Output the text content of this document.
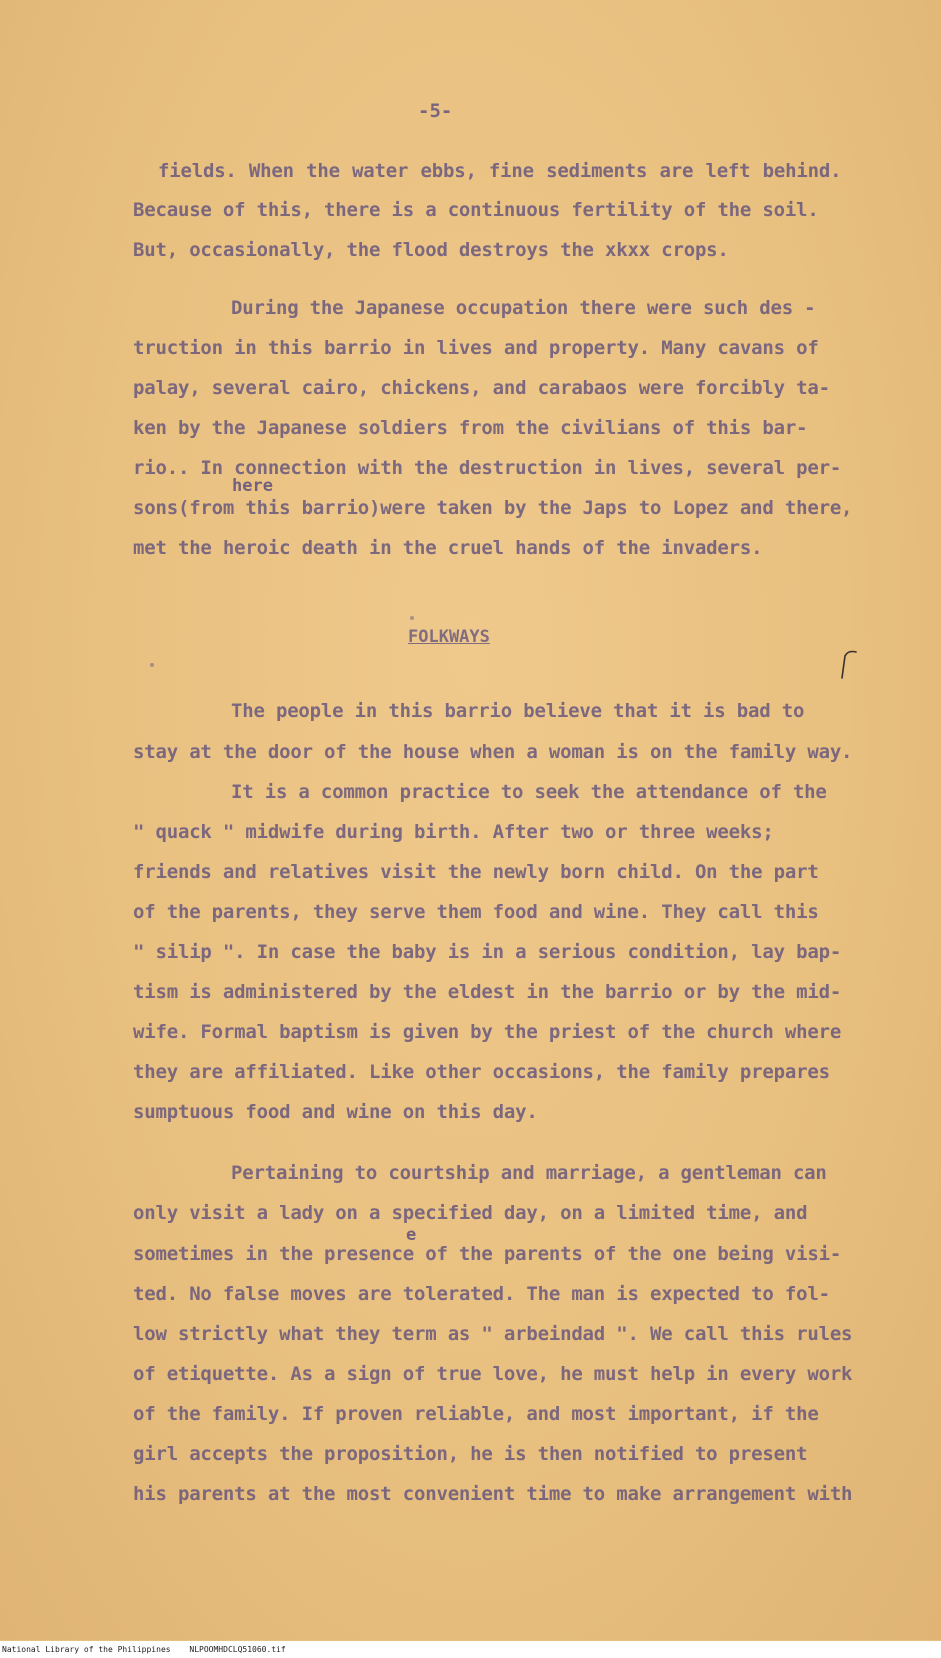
-5-

fields. When the water ebbs, fine sediments are left behind.

Because of this, there is a continuous fertility of the soil.

But, occasionally, the flood destroys the xkxx crops.

During the Japanese occupation there were such des -

truction in this barrio in lives and property. Many cavans of

palay, several cairo, chickens, and carabaos were forcibly ta-

ken by the Japanese soldiers from the civilians of this bar-

rio.. In connection with the destruction in lives, several per-

here

sons(from this barrio)were taken by the Japs to Lopez and there,

met the heroic death in the cruel hands of the invaders.

FOLKWAYS

The people in this barrio believe that it is bad to

stay at the door of the house when a woman is on the family way.

It is a common practice to seek the attendance of the

" quack " midwife during birth. After two or three weeks;

friends and relatives visit the newly born child. On the part

of the parents, they serve them food and wine. They call this

" silip ". In case the baby is in a serious condition, lay bap-

tism is administered by the eldest in the barrio or by the mid-

wife. Formal baptism is given by the priest of the church where

they are affiliated. Like other occasions, the family prepares

sumptuous food and wine on this day.

Pertaining to courtship and marriage, a gentleman can

only visit a lady on a specified day, on a limited time, and

e

sometimes in the presence of the parents of the one being visi-

ted. No false moves are tolerated. The man is expected to fol-

low strictly what they term as " arbeindad ". We call this rules

of etiquette. As a sign of true love, he must help in every work

of the family. If proven reliable, and most important, if the

girl accepts the proposition, he is then notified to present

his parents at the most convenient time to make arrangement with

National Library of the Philippines NLPOOMHDCLQ51060.tif
